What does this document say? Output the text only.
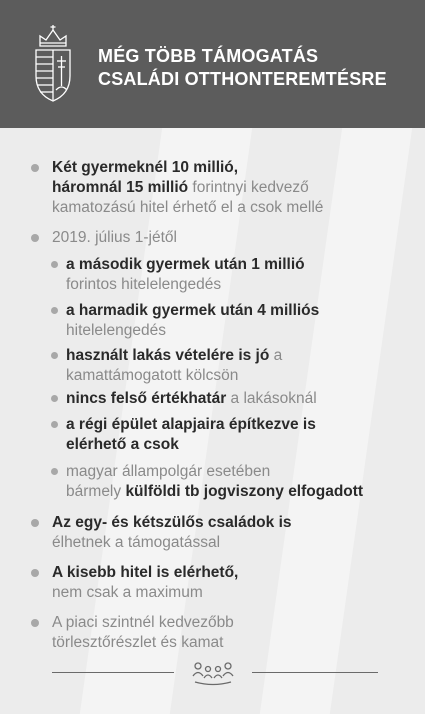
MÉG TÖBB TÁMOGATÁS
CSALÁDI OTTHONTEREMTÉSRE
Két gyermeknél 10 millió,
háromnál 15 millió forintnyi kedvező
kamatozású hitel érhető el a csok mellé
2019. július 1-jétől
a második gyermek után 1 millió
forintos hitelelengedés
a harmadik gyermek után 4 milliós
hitelelengedés
használt lakás vételére is jó a
kamattámogatott kölcsön
nincs felső értékhatár a lakásoknál
a régi épület alapjaira építkezve is
elérhető a csok
magyar állampolgár esetében
bármely külföldi tb jogviszony elfogadott
Az egy- és kétszülős családok is
élhetnek a támogatással
A kisebb hitel is elérhető,
nem csak a maximum
A piaci szintnél kedvezőbb
törlesztőrészlet és kamat
